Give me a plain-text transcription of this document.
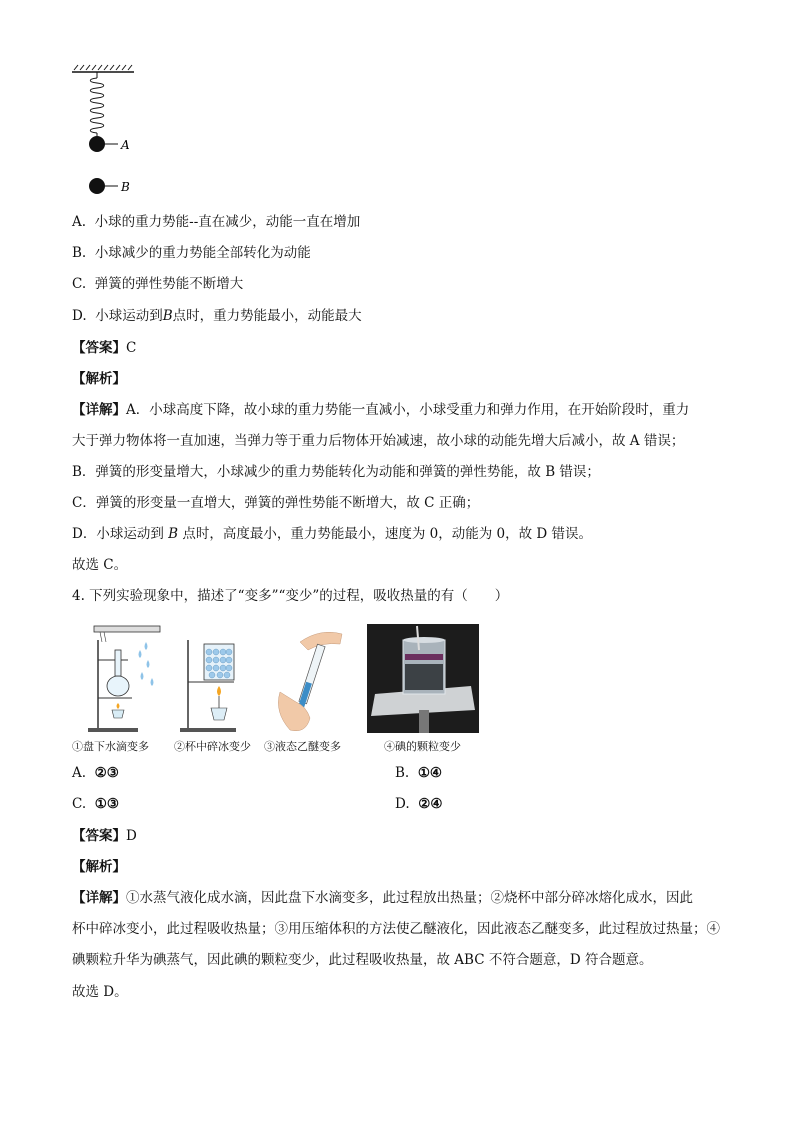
A
B
A. 小球的重力势能--直在减少，动能一直在增加
B. 小球减少的重力势能全部转化为动能
C. 弹簧的弹性势能不断增大
D. 小球运动到B点时，重力势能最小，动能最大
【答案】C
【解析】
【详解】A．小球高度下降，故小球的重力势能一直减小，小球受重力和弹力作用，在开始阶段时，重力
大于弹力物体将一直加速，当弹力等于重力后物体开始减速，故小球的动能先增大后减小，故 A 错误；
B．弹簧的形变量增大，小球减少的重力势能转化为动能和弹簧的弹性势能，故 B 错误；
C．弹簧的形变量一直增大，弹簧的弹性势能不断增大，故 C 正确；
D．小球运动到 B 点时，高度最小，重力势能最小，速度为 0，动能为 0，故 D 错误。
故选 C。
4. 下列实验现象中，描述了“变多”“变少”的过程，吸收热量的有（　　）
①盘下水滴变多 ②杯中碎冰变少 ③液态乙醚变多	④碘的颗粒变少
A. ②③	B. ①④
C. ①③	D. ②④
【答案】D
【解析】
【详解】①水蒸气液化成水滴，因此盘下水滴变多，此过程放出热量；②烧杯中部分碎冰熔化成水，因此
杯中碎冰变小，此过程吸收热量；③用压缩体积的方法使乙醚液化，因此液态乙醚变多，此过程放过热量；④
碘颗粒升华为碘蒸气，因此碘的颗粒变少，此过程吸收热量，故 ABC 不符合题意，D 符合题意。
故选 D。
